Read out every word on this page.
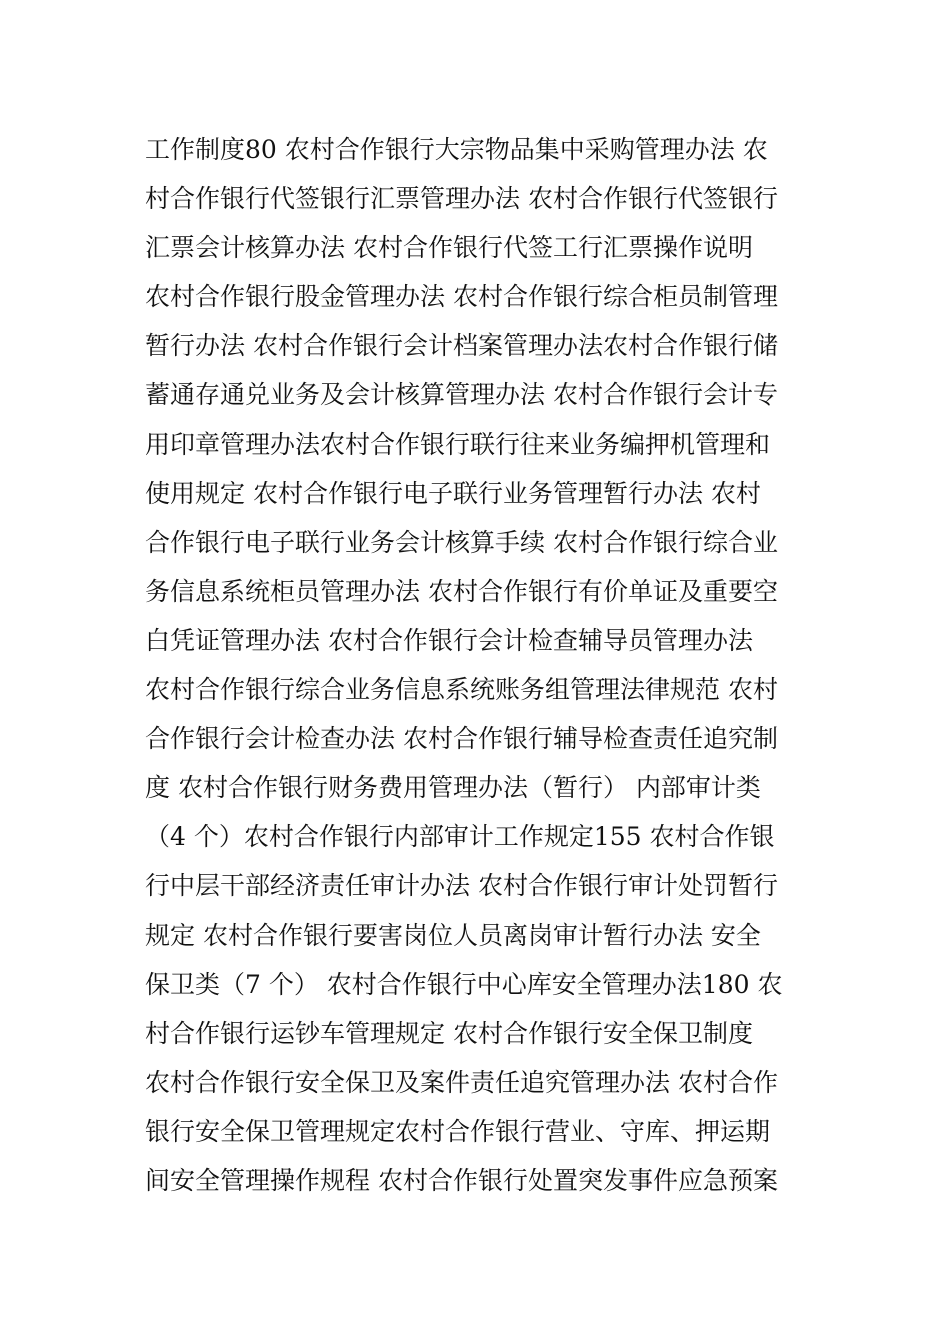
工作制度80 农村合作银行大宗物品集中采购管理办法 农
村合作银行代签银行汇票管理办法 农村合作银行代签银行
汇票会计核算办法 农村合作银行代签工行汇票操作说明
农村合作银行股金管理办法 农村合作银行综合柜员制管理
暂行办法 农村合作银行会计档案管理办法农村合作银行储
蓄通存通兑业务及会计核算管理办法 农村合作银行会计专
用印章管理办法农村合作银行联行往来业务编押机管理和
使用规定 农村合作银行电子联行业务管理暂行办法 农村
合作银行电子联行业务会计核算手续 农村合作银行综合业
务信息系统柜员管理办法 农村合作银行有价单证及重要空
白凭证管理办法 农村合作银行会计检查辅导员管理办法
农村合作银行综合业务信息系统账务组管理法律规范 农村
合作银行会计检查办法 农村合作银行辅导检查责任追究制
度 农村合作银行财务费用管理办法（暂行） 内部审计类
（4 个）农村合作银行内部审计工作规定155 农村合作银
行中层干部经济责任审计办法 农村合作银行审计处罚暂行
规定 农村合作银行要害岗位人员离岗审计暂行办法 安全
保卫类（7 个） 农村合作银行中心库安全管理办法180 农
村合作银行运钞车管理规定 农村合作银行安全保卫制度
农村合作银行安全保卫及案件责任追究管理办法 农村合作
银行安全保卫管理规定农村合作银行营业、守库、押运期
间安全管理操作规程 农村合作银行处置突发事件应急预案
